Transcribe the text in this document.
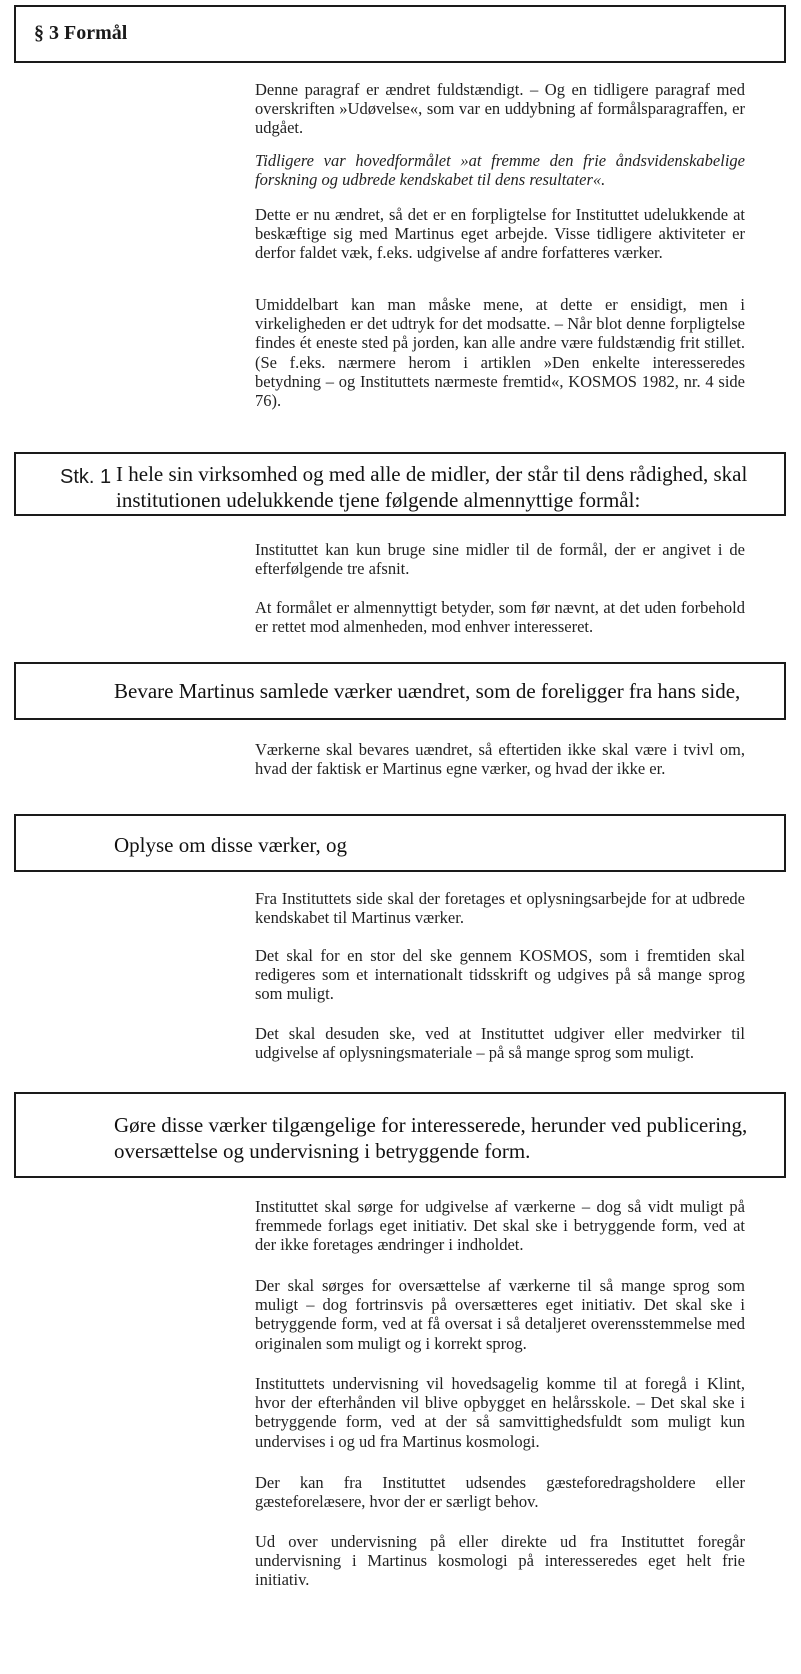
§ 3 Formål

Denne paragraf er ændret fuldstændigt. – Og en tidligere paragraf med overskriften »Udøvelse«, som var en uddybning af formålsparagraffen, er udgået.

Tidligere var hovedformålet »at fremme den frie åndsvidenskabelige forskning og udbrede kendskabet til dens resultater«.

Dette er nu ændret, så det er en forpligtelse for Instituttet udelukkende at beskæftige sig med Martinus eget arbejde. Visse tidligere aktiviteter er derfor faldet væk, f.eks. udgivelse af andre forfatteres værker.

Umiddelbart kan man måske mene, at dette er ensidigt, men i virkeligheden er det udtryk for det modsatte. – Når blot denne forpligtelse findes ét eneste sted på jorden, kan alle andre være fuldstændig frit stillet. (Se f.eks. nærmere herom i artiklen »Den enkelte interesseredes betydning – og Instituttets nærmeste fremtid«, KOSMOS 1982, nr. 4 side 76).

Stk. 1 I hele sin virksomhed og med alle de midler, der står til dens rådighed, skal institutionen udelukkende tjene følgende almennyttige formål:

Instituttet kan kun bruge sine midler til de formål, der er angivet i de efterfølgende tre afsnit.

At formålet er almennyttigt betyder, som før nævnt, at det uden forbehold er rettet mod almenheden, mod enhver interesseret.

Bevare Martinus samlede værker uændret, som de foreligger fra hans side,

Værkerne skal bevares uændret, så eftertiden ikke skal være i tvivl om, hvad der faktisk er Martinus egne værker, og hvad der ikke er.

Oplyse om disse værker, og

Fra Instituttets side skal der foretages et oplysningsarbejde for at udbrede kendskabet til Martinus værker.

Det skal for en stor del ske gennem KOSMOS, som i fremtiden skal redigeres som et internationalt tidsskrift og udgives på så mange sprog som muligt.

Det skal desuden ske, ved at Instituttet udgiver eller medvirker til udgivelse af oplysningsmateriale – på så mange sprog som muligt.

Gøre disse værker tilgængelige for interesserede, herunder ved publicering, oversættelse og undervisning i betryggende form.

Instituttet skal sørge for udgivelse af værkerne – dog så vidt muligt på fremmede forlags eget initiativ. Det skal ske i betryggende form, ved at der ikke foretages ændringer i indholdet.

Der skal sørges for oversættelse af værkerne til så mange sprog som muligt – dog fortrinsvis på oversætteres eget initiativ. Det skal ske i betryggende form, ved at få oversat i så detaljeret overensstemmelse med originalen som muligt og i korrekt sprog.

Instituttets undervisning vil hovedsagelig komme til at foregå i Klint, hvor der efterhånden vil blive opbygget en helårsskole. – Det skal ske i betryggende form, ved at der så samvittighedsfuldt som muligt kun undervises i og ud fra Martinus kosmologi.

Der kan fra Instituttet udsendes gæsteforedragsholdere eller gæsteforelæsere, hvor der er særligt behov.

Ud over undervisning på eller direkte ud fra Instituttet foregår undervisning i Martinus kosmologi på interesseredes eget helt frie initiativ.
